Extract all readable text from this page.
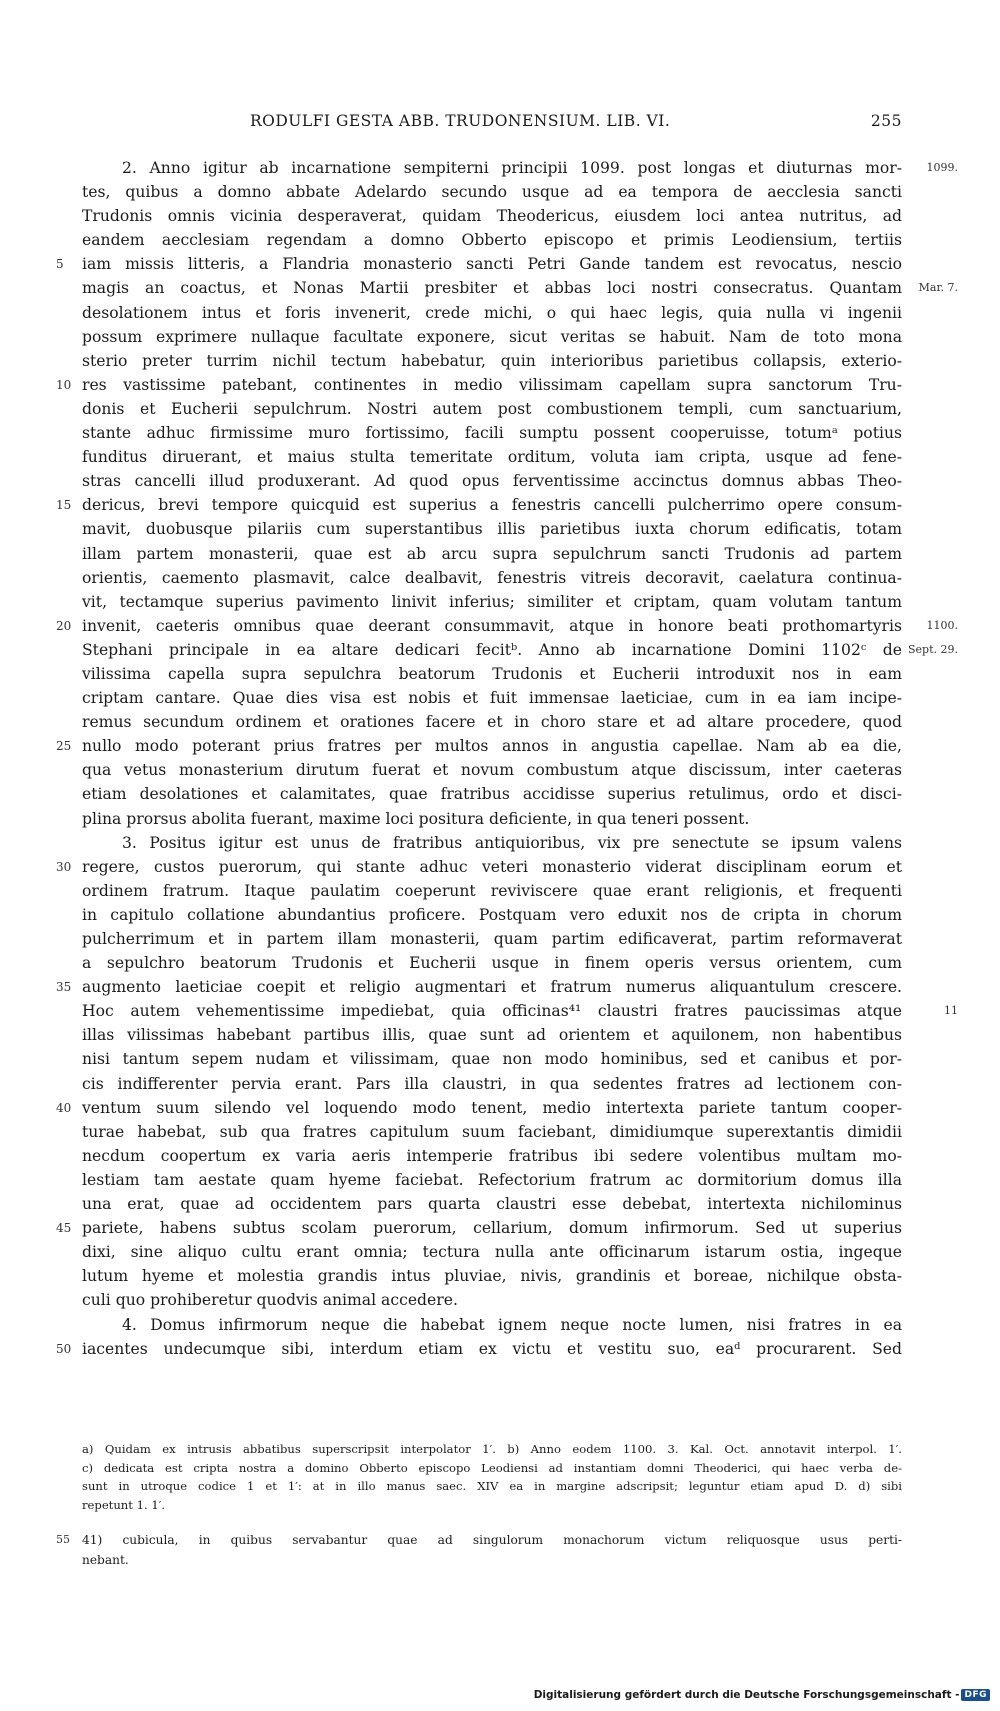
RODULFI GESTA ABB. TRUDONENSIUM. LIB. VI.	255
2. Anno igitur ab incarnatione sempiterni principii 1099. post longas et diuturnas mor- 1099.
tes, quibus a domno abbate Adelardo secundo usque ad ea tempora de aecclesia sancti
Trudonis omnis vicinia desperaverat, quidam Theodericus, eiusdem loci antea nutritus, ad
eandem aecclesiam regendam a domno Obberto episcopo et primis Leodiensium, tertiis
iam missis litteris, a Flandria monasterio sancti Petri Gande tandem est revocatus, nescio
5
magis an coactus, et Nonas Martii presbiter et abbas loci nostri consecratus. Quantam Mar. 7.
desolationem intus et foris invenerit, crede michi, o qui haec legis, quia nulla vi ingenii
possum exprimere nullaque facultate exponere, sicut veritas se habuit. Nam de toto mona
sterio preter turrim nichil tectum habebatur, quin interioribus parietibus collapsis, exterio-
res vastissime patebant, continentes in medio vilissimam capellam supra sanctorum Tru-
10
donis et Eucherii sepulchrum. Nostri autem post combustionem templi, cum sanctuarium,
stante adhuc firmissime muro fortissimo, facili sumptu possent cooperuisse, totumᵃ potius
funditus diruerant, et maius stulta temeritate orditum, voluta iam cripta, usque ad fene-
stras cancelli illud produxerant. Ad quod opus ferventissime accinctus domnus abbas Theo-
dericus, brevi tempore quicquid est superius a fenestris cancelli pulcherrimo opere consum-
15
mavit, duobusque pilariis cum superstantibus illis parietibus iuxta chorum edificatis, totam
illam partem monasterii, quae est ab arcu supra sepulchrum sancti Trudonis ad partem
orientis, caemento plasmavit, calce dealbavit, fenestris vitreis decoravit, caelatura continua-
vit, tectamque superius pavimento linivit inferius; similiter et criptam, quam volutam tantum
invenit, caeteris omnibus quae deerant consummavit, atque in honore beati prothomartyris
20	1100.
Stephani principale in ea altare dedicari fecitᵇ. Anno ab incarnatione Domini 1102ᶜ de Sept. 29.
vilissima capella supra sepulchra beatorum Trudonis et Eucherii introduxit nos in eam
criptam cantare. Quae dies visa est nobis et fuit immensae laeticiae, cum in ea iam incipe-
remus secundum ordinem et orationes facere et in choro stare et ad altare procedere, quod
nullo modo poterant prius fratres per multos annos in angustia capellae. Nam ab ea die,
25
qua vetus monasterium dirutum fuerat et novum combustum atque discissum, inter caeteras
etiam desolationes et calamitates, quae fratribus accidisse superius retulimus, ordo et disci-
plina prorsus abolita fuerant, maxime loci positura deficiente, in qua teneri possent.
3. Positus igitur est unus de fratribus antiquioribus, vix pre senectute se ipsum valens
regere, custos puerorum, qui stante adhuc veteri monasterio viderat disciplinam eorum et
30
ordinem fratrum. Itaque paulatim coeperunt reviviscere quae erant religionis, et frequenti
in capitulo collatione abundantius proficere. Postquam vero eduxit nos de cripta in chorum
pulcherrimum et in partem illam monasterii, quam partim edificaverat, partim reformaverat
a sepulchro beatorum Trudonis et Eucherii usque in finem operis versus orientem, cum
augmento laeticiae coepit et religio augmentari et fratrum numerus aliquantulum crescere.
35
Hoc autem vehementissime impediebat, quia officinas⁴¹ claustri fratres paucissimas atque	11
illas vilissimas habebant partibus illis, quae sunt ad orientem et aquilonem, non habentibus
nisi tantum sepem nudam et vilissimam, quae non modo hominibus, sed et canibus et por-
cis indifferenter pervia erant. Pars illa claustri, in qua sedentes fratres ad lectionem con-
ventum suum silendo vel loquendo modo tenent, medio intertexta pariete tantum cooper-
40
turae habebat, sub qua fratres capitulum suum faciebant, dimidiumque superextantis dimidii
necdum coopertum ex varia aeris intemperie fratribus ibi sedere volentibus multam mo-
lestiam tam aestate quam hyeme faciebat. Refectorium fratrum ac dormitorium domus illa
una erat, quae ad occidentem pars quarta claustri esse debebat, intertexta nichilominus
pariete, habens subtus scolam puerorum, cellarium, domum infirmorum. Sed ut superius
45
dixi, sine aliquo cultu erant omnia; tectura nulla ante officinarum istarum ostia, ingeque
lutum hyeme et molestia grandis intus pluviae, nivis, grandinis et boreae, nichilque obsta-
culi quo prohiberetur quodvis animal accedere.
4. Domus infirmorum neque die habebat ignem neque nocte lumen, nisi fratres in ea
iacentes undecumque sibi, interdum etiam ex victu et vestitu suo, eaᵈ procurarent. Sed
50
a) Quidam ex intrusis abbatibus superscripsit interpolator 1′. b) Anno eodem 1100. 3. Kal. Oct. annotavit interpol. 1′.
c) dedicata est cripta nostra a domino Obberto episcopo Leodiensi ad instantiam domni Theoderici, qui haec verba de-
sunt in utroque codice 1 et 1′: at in illo manus saec. XIV ea in margine adscripsit; leguntur etiam apud D. d) sibi
repetunt 1. 1′.
55 41) cubicula, in quibus servabantur quae ad singulorum monachorum victum reliquosque usus perti-
nebant.
Digitalisierung gefördert durch die Deutsche Forschungsgemeinschaft - DFG
